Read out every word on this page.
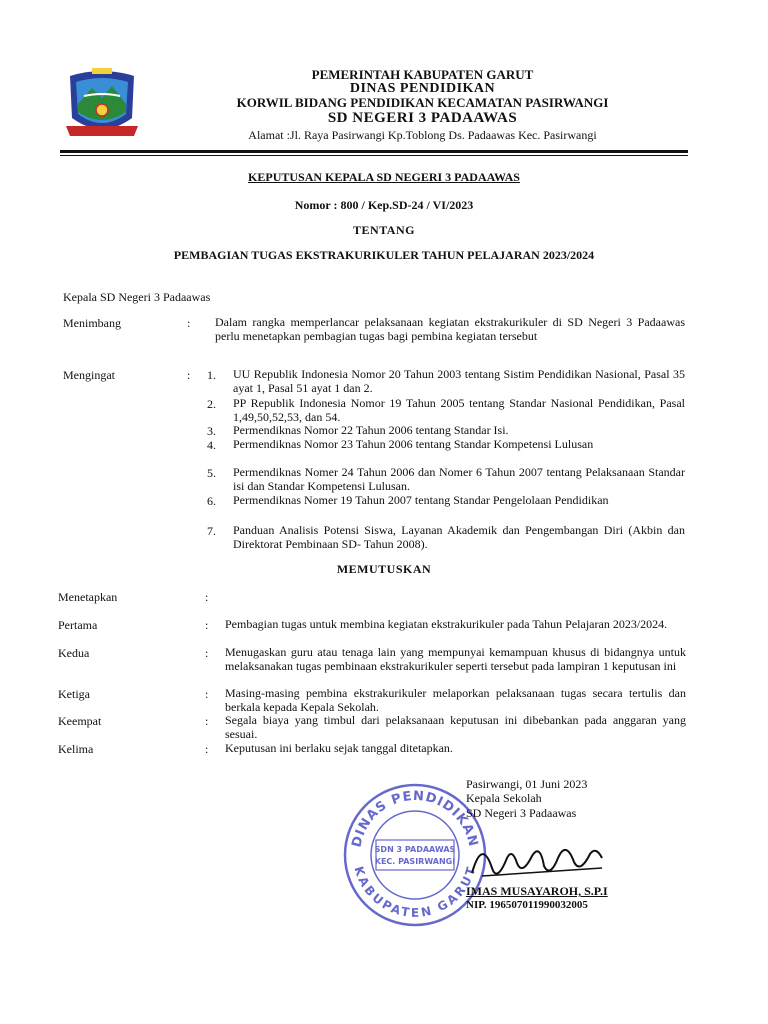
PEMERINTAH KABUPATEN GARUT
DINAS PENDIDIKAN
KORWIL BIDANG PENDIDIKAN KECAMATAN PASIRWANGI
SD NEGERI 3 PADAAWAS
Alamat :Jl. Raya Pasirwangi Kp.Toblong Ds. Padaawas Kec. Pasirwangi
KEPUTUSAN KEPALA SD NEGERI 3 PADAAWAS
Nomor : 800 / Kep.SD-24 / VI/2023
TENTANG
PEMBAGIAN TUGAS EKSTRAKURIKULER TAHUN PELAJARAN 2023/2024
Kepala SD Negeri 3 Padaawas
Menimbang	: Dalam rangka memperlancar pelaksanaan kegiatan ekstrakurikuler di SD Negeri 3 Padaawas perlu menetapkan pembagian tugas bagi pembina kegiatan tersebut
Mengingat	: 1. UU Republik Indonesia Nomor 20 Tahun 2003 tentang Sistim Pendidikan Nasional, Pasal 35 ayat 1, Pasal 51 ayat 1 dan 2.
2. PP Republik Indonesia Nomor 19 Tahun 2005 tentang Standar Nasional Pendidikan, Pasal 1,49,50,52,53, dan 54.
3. Permendiknas Nomor 22 Tahun 2006 tentang Standar Isi.
4. Permendiknas Nomor 23 Tahun 2006 tentang Standar Kompetensi Lulusan
5. Permendiknas Nomer 24 Tahun 2006 dan Nomer 6 Tahun 2007 tentang Pelaksanaan Standar isi dan Standar Kompetensi Lulusan.
6. Permendiknas Nomer 19 Tahun 2007 tentang Standar Pengelolaan Pendidikan
7. Panduan Analisis Potensi Siswa, Layanan Akademik dan Pengembangan Diri (Akbin dan Direktorat Pembinaan SD- Tahun 2008).
MEMUTUSKAN
Menetapkan	:
Pertama	: Pembagian tugas untuk membina kegiatan ekstrakurikuler pada Tahun Pelajaran 2023/2024.
Kedua	: Menugaskan guru atau tenaga lain yang mempunyai kemampuan khusus di bidangnya untuk melaksanakan tugas pembinaan ekstrakurikuler seperti tersebut pada lampiran 1 keputusan ini
Ketiga	: Masing-masing pembina ekstrakurikuler melaporkan pelaksanaan tugas secara tertulis dan berkala kepada Kepala Sekolah.
Keempat	: Segala biaya yang timbul dari pelaksanaan keputusan ini dibebankan pada anggaran yang sesuai.
Kelima	: Keputusan ini berlaku sejak tanggal ditetapkan.
DINAS PENDIDIKAN
KABUPATEN GARUT
SDN 3 PADAAWAS
KEC. PASIRWANGI
Pasirwangi, 01 Juni 2023
Kepala Sekolah
SD Negeri 3 Padaawas
IMAS MUSAYAROH, S.P.I
NIP. 196507011990032005
